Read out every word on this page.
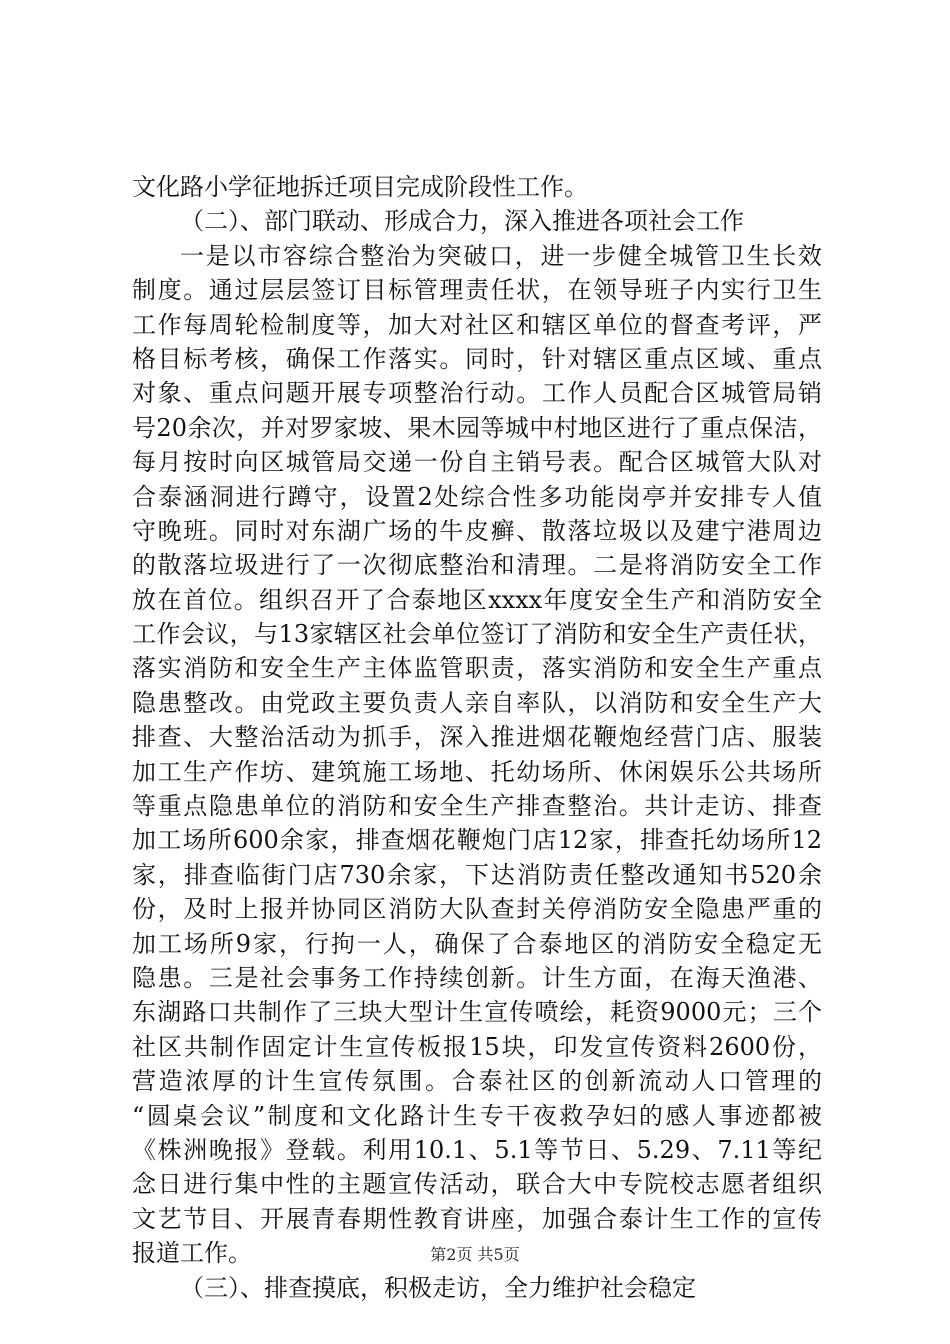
文化路小学征地拆迁项目完成阶段性工作。
（二）、部门联动、形成合力，深入推进各项社会工作
一是以市容综合整治为突破口，进一步健全城管卫生长效
制度。通过层层签订目标管理责任状，在领导班子内实行卫生
工作每周轮检制度等，加大对社区和辖区单位的督查考评，严
格目标考核，确保工作落实。同时，针对辖区重点区域、重点
对象、重点问题开展专项整治行动。工作人员配合区城管局销
号20余次，并对罗家坡、果木园等城中村地区进行了重点保洁，
每月按时向区城管局交递一份自主销号表。配合区城管大队对
合泰涵洞进行蹲守，设置2处综合性多功能岗亭并安排专人值
守晚班。同时对东湖广场的牛皮癣、散落垃圾以及建宁港周边
的散落垃圾进行了一次彻底整治和清理。二是将消防安全工作
放在首位。组织召开了合泰地区xxxx年度安全生产和消防安全
工作会议，与13家辖区社会单位签订了消防和安全生产责任状，
落实消防和安全生产主体监管职责，落实消防和安全生产重点
隐患整改。由党政主要负责人亲自率队，以消防和安全生产大
排查、大整治活动为抓手，深入推进烟花鞭炮经营门店、服装
加工生产作坊、建筑施工场地、托幼场所、休闲娱乐公共场所
等重点隐患单位的消防和安全生产排查整治。共计走访、排查
加工场所600余家，排查烟花鞭炮门店12家，排查托幼场所12
家，排查临街门店730余家，下达消防责任整改通知书520余
份，及时上报并协同区消防大队查封关停消防安全隐患严重的
加工场所9家，行拘一人，确保了合泰地区的消防安全稳定无
隐患。三是社会事务工作持续创新。计生方面，在海天渔港、
东湖路口共制作了三块大型计生宣传喷绘，耗资9000元；三个
社区共制作固定计生宣传板报15块，印发宣传资料2600份，
营造浓厚的计生宣传氛围。合泰社区的创新流动人口管理的
“圆桌会议”制度和文化路计生专干夜救孕妇的感人事迹都被
《株洲晚报》登载。利用10.1、5.1等节日、5.29、7.11等纪
念日进行集中性的主题宣传活动，联合大中专院校志愿者组织
文艺节目、开展青春期性教育讲座，加强合泰计生工作的宣传
报道工作。
（三）、排查摸底，积极走访，全力维护社会稳定
第2页 共5页
